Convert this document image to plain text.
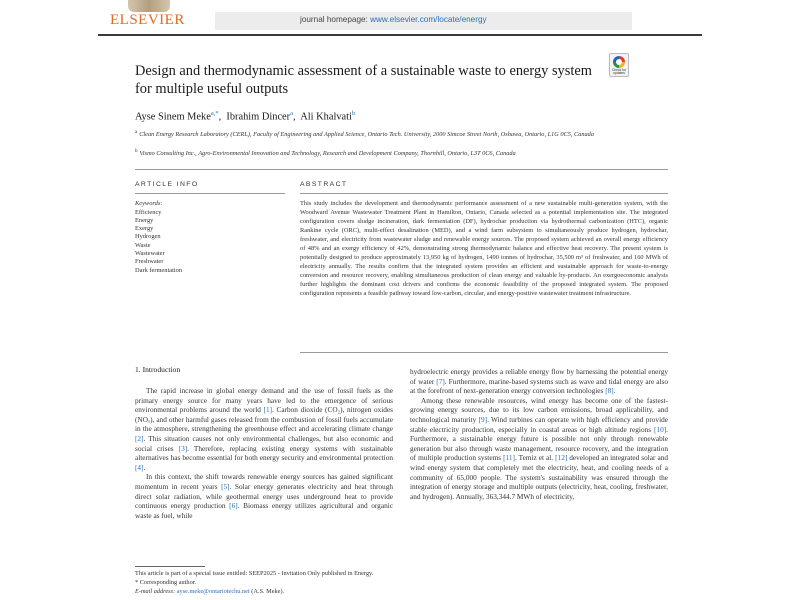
ELSEVIER	journal homepage: www.elsevier.com/locate/energy
Design and thermodynamic assessment of a sustainable waste to energy system for multiple useful outputs
Check for updates
Ayse Sinem Meke$^{a,*}$,  Ibrahim Dincer$^a$,  Ali Khalvati$^b$
$^a$ Clean Energy Research Laboratory (CERL), Faculty of Engineering and Applied Science, Ontario Tech. University, 2000 Simcoe Street North, Oshawa, Ontario, L1G 0C5, Canada
$^b$ Vismo Consulting Inc., Agro-Environmental Innovation and Technology, Research and Development Company, Thornhill, Ontario, L3T 0C6, Canada
ARTICLE INFO
Keywords:
Efficiency
Energy
Exergy
Hydrogen
Waste
Wastewater
Freshwater
Dark fermentation
ABSTRACT

This study includes the development and thermodynamic performance assessment of a new sustainable multi-generation system, with the Woodward Avenue Wastewater Treatment Plant in Hamilton, Ontario, Canada selected as a potential implementation site. The integrated configuration covers sludge incineration, dark fermentation (DF), hydrochar production via hydrothermal carbonization (HTC), organic Rankine cycle (ORC), multi-effect desalination (MED), and a wind farm subsystem to simultaneously produce hydrogen, hydrochar, freshwater, and electricity from wastewater sludge and renewable energy sources. The proposed system achieved an overall energy efficiency of 48% and an exergy efficiency of 42%, demonstrating strong thermodynamic balance and effective heat recovery. The present system is potentially designed to produce approximately 13,950 kg of hydrogen, 1490 tonnes of hydrochar, 35,500 m³ of freshwater, and 160 MWh of electricity annually. The results confirm that the integrated system provides an efficient and sustainable approach for waste-to-energy conversion and resource recovery, enabling simultaneous production of clean energy and valuable by-products. An exergoeconomic analysis further highlights the dominant cost drivers and confirms the economic feasibility of the proposed integrated system. The proposed configuration represents a feasible pathway toward low-carbon, circular, and energy-positive wastewater treatment infrastructure.

1. Introduction

The rapid increase in global energy demand and the use of fossil fuels as the primary energy source for many years have led to the emergence of serious environmental problems around the world [1]. Carbon dioxide (CO₂), nitrogen oxides (NOₓ), and other harmful gases released from the combustion of fossil fuels accumulate in the atmosphere, strengthening the greenhouse effect and accelerating climate change [2]. This situation causes not only environmental challenges, but also economic and social crises [3]. Therefore, replacing existing energy systems with sustainable alternatives has become essential for both energy security and environmental protection [4].

In this context, the shift towards renewable energy sources has gained significant momentum in recent years [5]. Solar energy generates electricity and heat through direct solar radiation, while geothermal energy uses underground heat to provide continuous energy production [6]. Biomass energy utilizes agricultural and organic waste as fuel, while

hydroelectric energy provides a reliable energy flow by harnessing the potential energy of water [7]. Furthermore, marine-based systems such as wave and tidal energy are also at the forefront of next-generation energy conversion technologies [8].

Among these renewable resources, wind energy has become one of the fastest-growing energy sources, due to its low carbon emissions, broad applicability, and technological maturity [9]. Wind turbines can operate with high efficiency and provide stable electricity production, especially in coastal areas or high altitude regions [10]. Furthermore, a sustainable energy future is possible not only through renewable generation but also through waste management, resource recovery, and the integration of multiple production systems [11]. Temiz et al. [12] developed an integrated solar and wind energy system that completely met the electricity, heat, and cooling needs of a community of 65,000 people. The system's sustainability was ensured through the integration of energy storage and multiple outputs (electricity, heat, cooling, freshwater, and hydrogen). Annually, 363,344.7 MWh of electricity,

This article is part of a special issue entitled: SEEP2025 - Invitation Only published in Energy.
* Corresponding author.
E-mail address: ayse.meke@ontariotechu.net (A.S. Meke).
